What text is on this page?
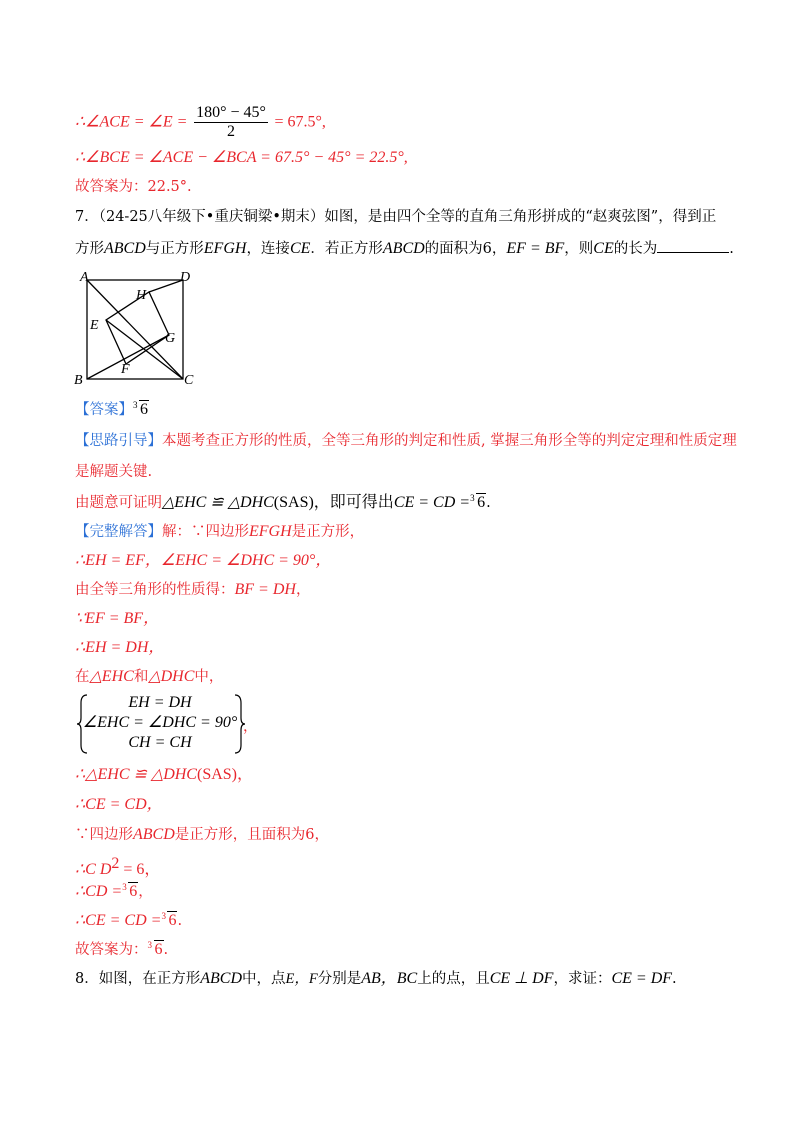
∴∠ACE = ∠E = $\frac{180^\circ - 45^\circ}{2} = 67.5^\circ$,
∴∠BCE = ∠ACE − ∠BCA = 67.5° − 45° = 22.5°,
故答案为：22.5°.
7．（24-25八年级下•重庆铜梁•期末）如图，是由四个全等的直角三角形拼成的“赵爽弦图”，得到正
方形ABCD与正方形EFGH，连接CE．若正方形ABCD的面积为6，EF = BF，则CE的长为	.
A	D
H
E
G
F
B	C
【答案】 3 6
【思路引导】本题考查正方形的性质，全等三角形的判定和性质, 掌握三角形全等的判定定理和性质定理
是解题关键.
由题意可证明△EHC ≌ △DHC(SAS)，即可得出CE = CD = 3 6.
【完整解答】解：∵四边形EFGH是正方形，
∴EH = EF，∠EHC = ∠DHC = 90°，
由全等三角形的性质得：BF = DH，
∵EF = BF，
∴EH = DH，
在△EHC和△DHC中，
EH = DH
∠EHC = ∠DHC = 90°
CH = CH
，
∴△EHC ≌ △DHC(SAS)，
∴CE = CD，
∵四边形ABCD是正方形，且面积为6，
∴C $D^2 = 6$，
∴CD = 3 6，
∴CE = CD = 3 6.
故答案为： 3 6.
8．如图，在正方形ABCD中，点E，F分别是AB，BC上的点，且CE ⊥ DF，求证：CE = DF.
